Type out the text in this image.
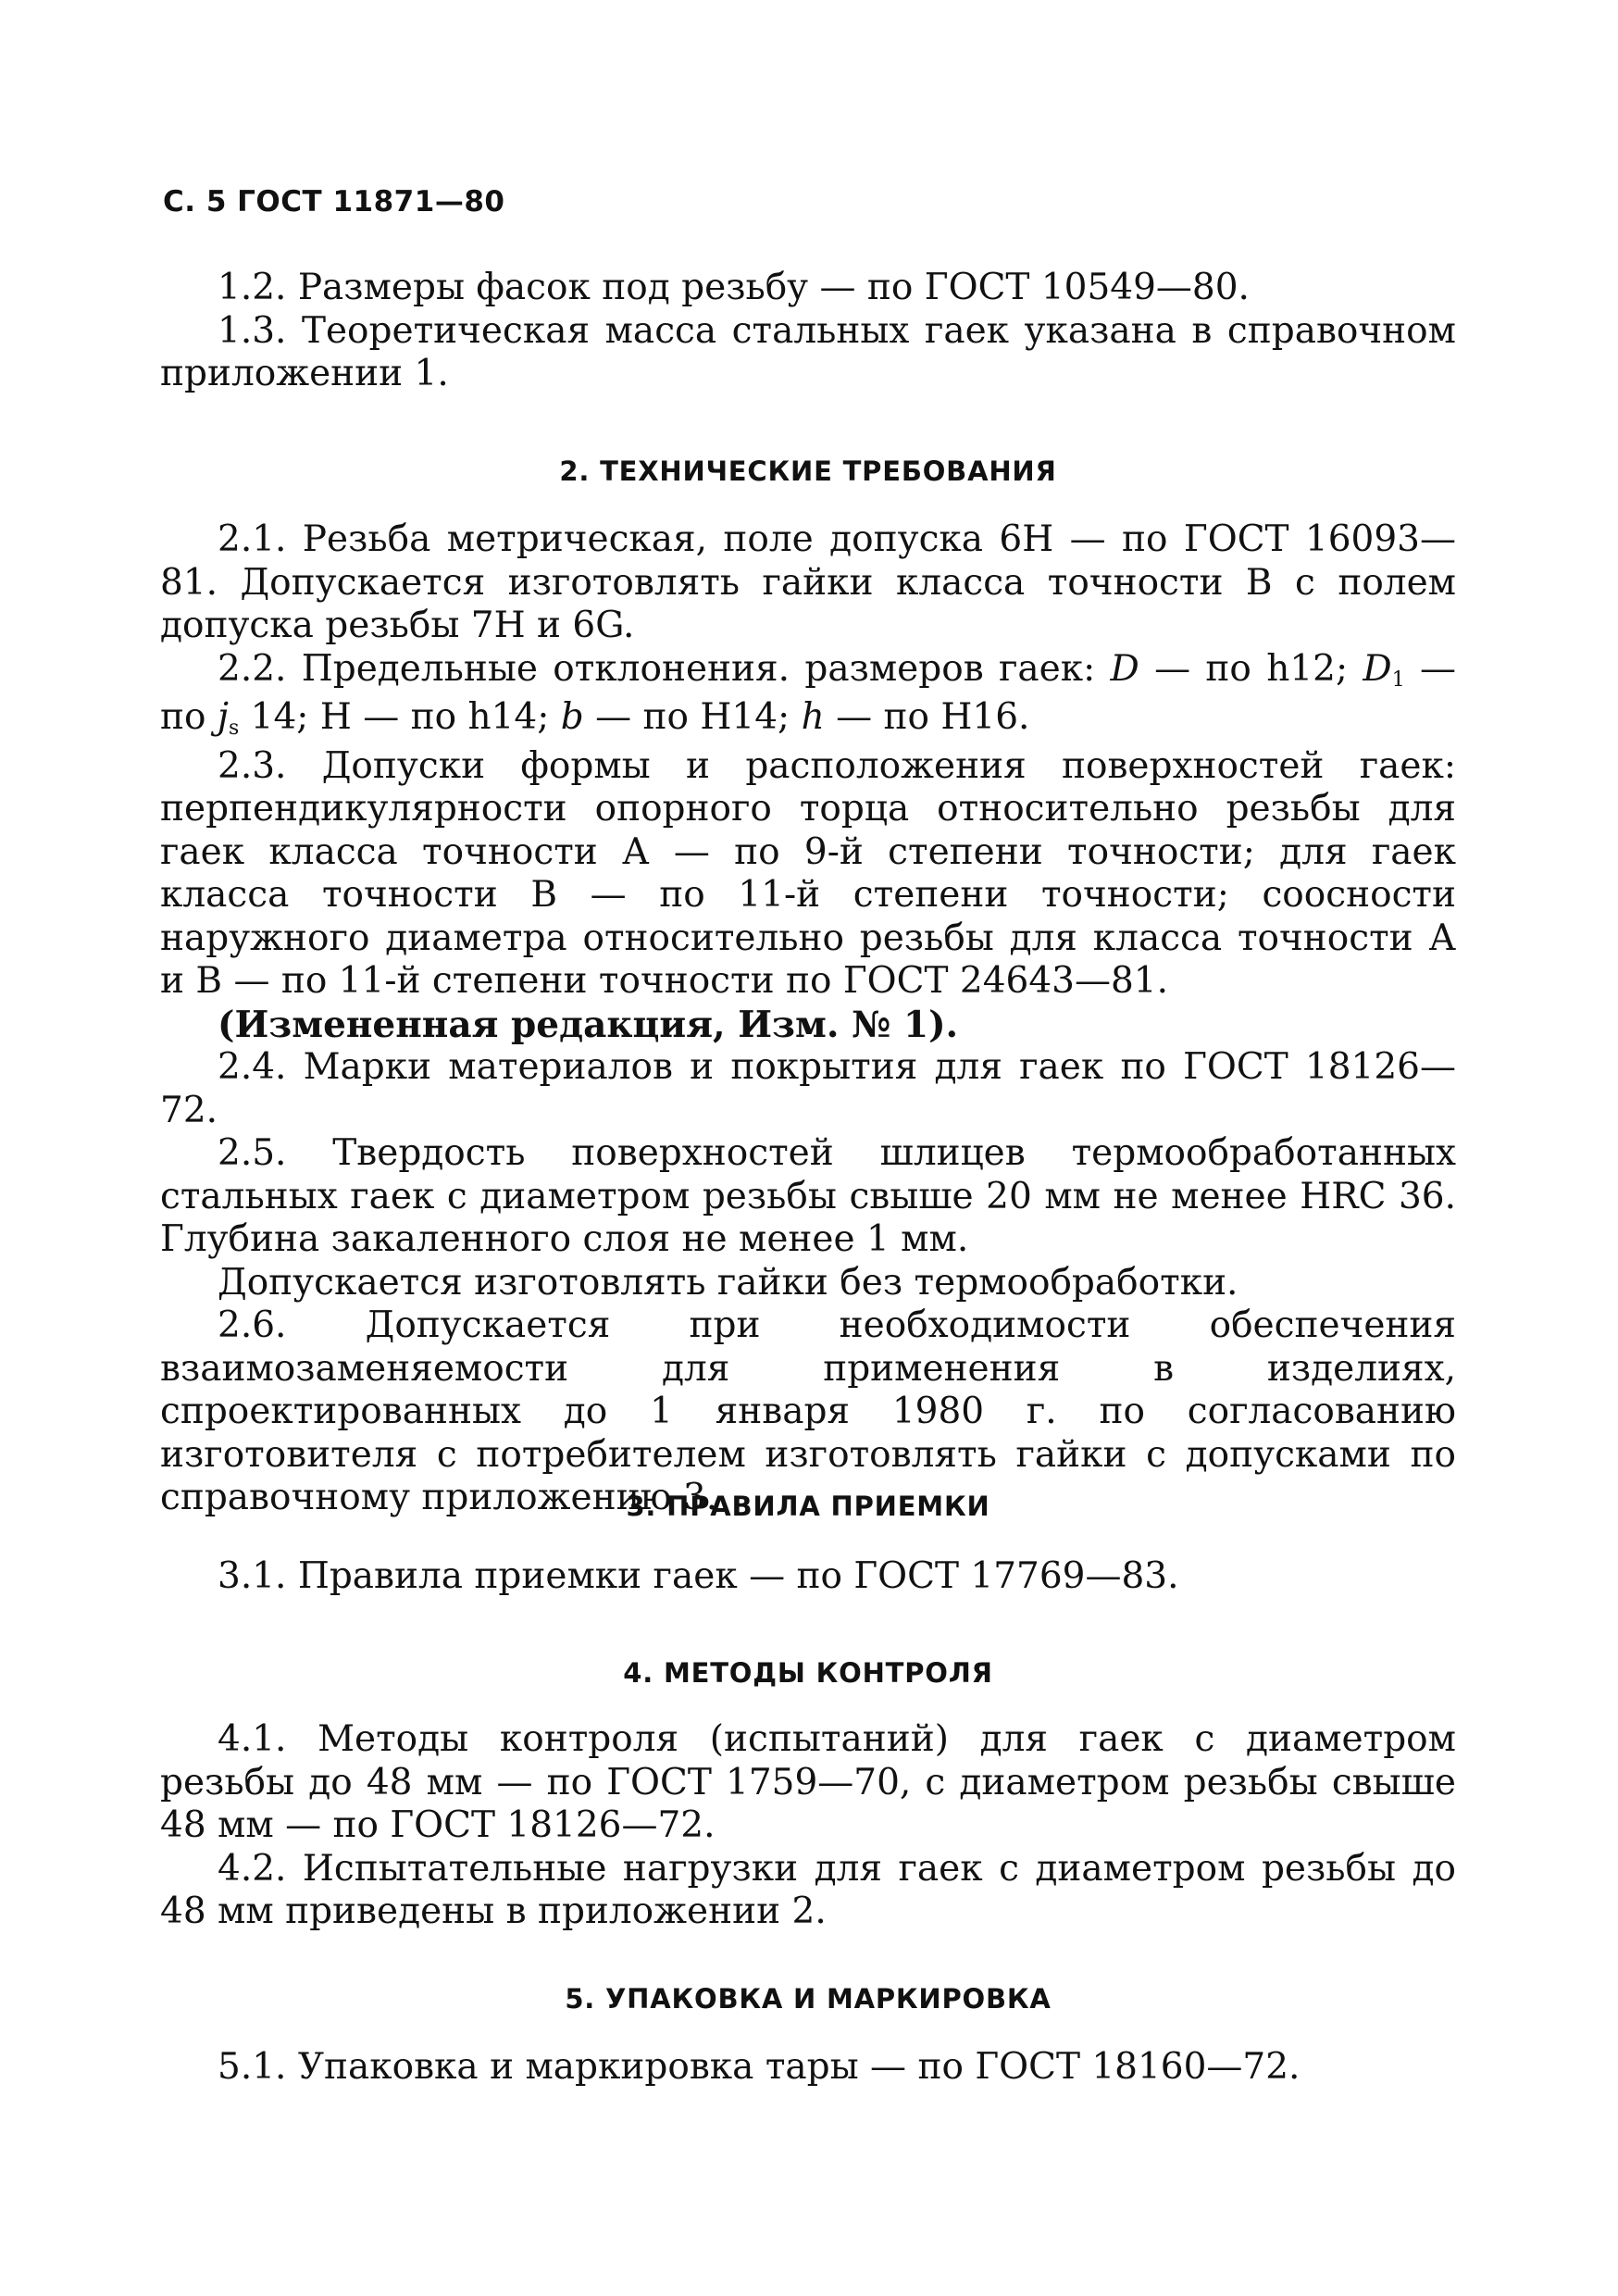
С. 5 ГОСТ 11871—80

1.2. Размеры фасок под резьбу — по ГОСТ 10549—80.

1.3. Теоретическая масса стальных гаек указана в справочном приложении 1.

2. ТЕХНИЧЕСКИЕ ТРЕБОВАНИЯ

2.1. Резьба метрическая, поле допуска 6Н — по ГОСТ 16093—81. Допускается изготовлять гайки класса точности В с полем допуска резьбы 7Н и 6G.

2.2. Предельные отклонения. размеров гаек: D — по h12; D1 — по js 14; Н — по h14; b — по Н14; h — по Н16.

2.3. Допуски формы и расположения поверхностей гаек: перпендикулярности опорного торца относительно резьбы для гаек класса точности А — по 9-й степени точности; для гаек класса точности В — по 11-й степени точности; соосности наружного диаметра относительно резьбы для класса точности А и В — по 11-й степени точности по ГОСТ 24643—81.

(Измененная редакция, Изм. № 1).

2.4. Марки материалов и покрытия для гаек по ГОСТ 18126—72.

2.5. Твердость поверхностей шлицев термообработанных стальных гаек с диаметром резьбы свыше 20 мм не менее HRC 36. Глубина закаленного слоя не менее 1 мм.

Допускается изготовлять гайки без термообработки.

2.6. Допускается при необходимости обеспечения взаимозаменяемости для применения в изделиях, спроектированных до 1 января 1980 г. по согласованию изготовителя с потребителем изготовлять гайки с допусками по справочному приложению 3.

3. ПРАВИЛА ПРИЕМКИ

3.1. Правила приемки гаек — по ГОСТ 17769—83.

4. МЕТОДЫ КОНТРОЛЯ

4.1. Методы контроля (испытаний) для гаек с диаметром резьбы до 48 мм — по ГОСТ 1759—70, с диаметром резьбы свыше 48 мм — по ГОСТ 18126—72.

4.2. Испытательные нагрузки для гаек с диаметром резьбы до 48 мм приведены в приложении 2.

5. УПАКОВКА И МАРКИРОВКА

5.1. Упаковка и маркировка тары — по ГОСТ 18160—72.
